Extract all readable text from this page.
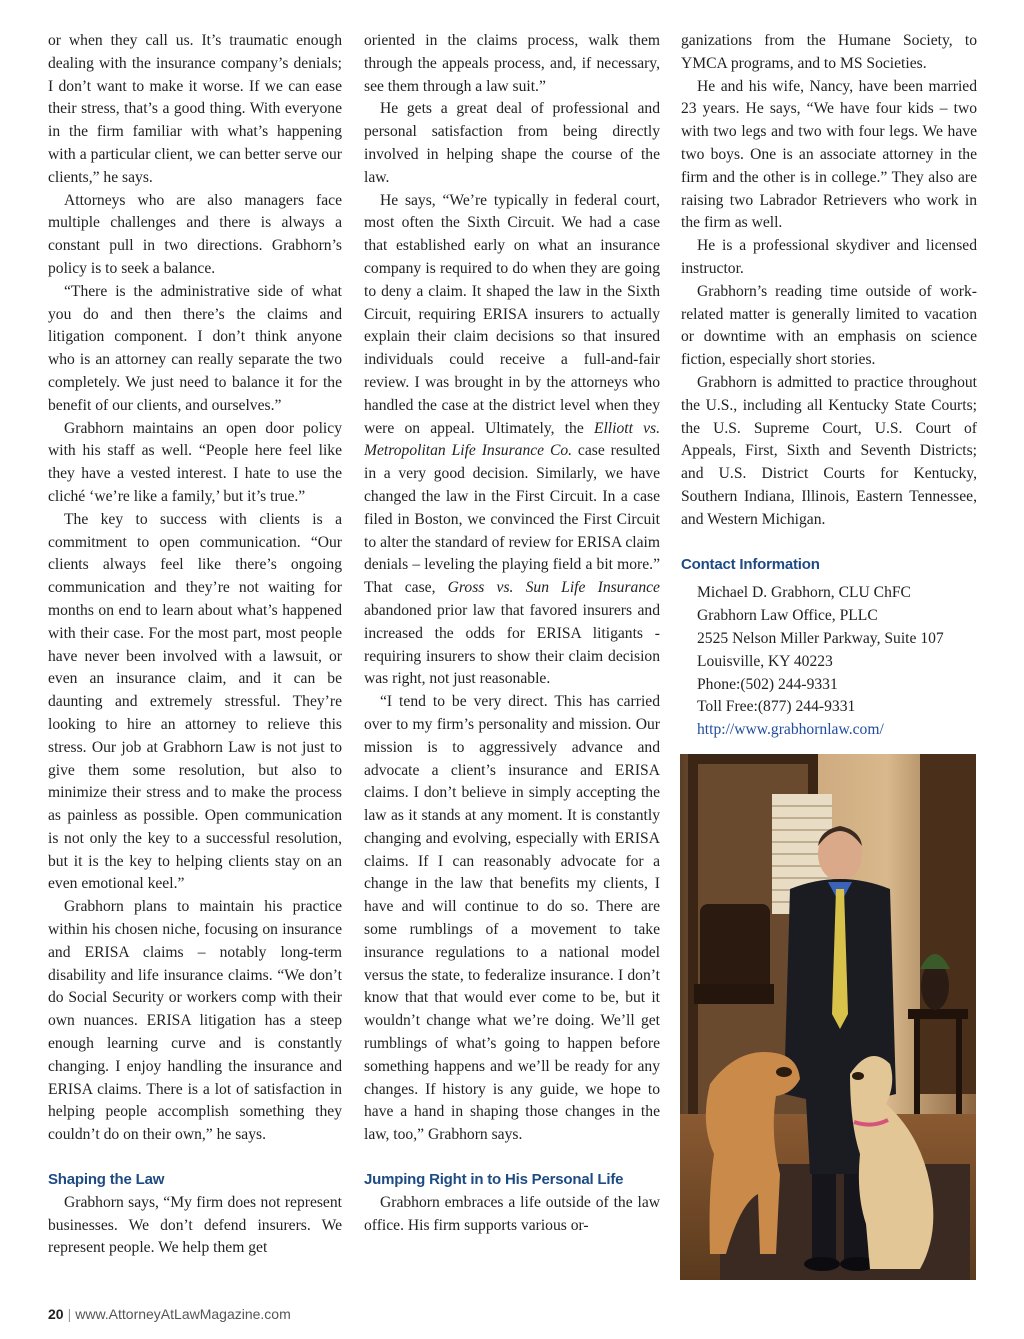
or when they call us. It’s traumatic enough dealing with the insurance company’s denials; I don’t want to make it worse. If we can ease their stress, that’s a good thing. With everyone in the firm familiar with what’s happening with a particular client, we can better serve our clients,” he says.

Attorneys who are also managers face multiple challenges and there is always a constant pull in two directions. Grabhorn’s policy is to seek a balance.

“There is the administrative side of what you do and then there’s the claims and litigation component. I don’t think anyone who is an attorney can really separate the two completely. We just need to balance it for the benefit of our clients, and ourselves.”

Grabhorn maintains an open door policy with his staff as well. “People here feel like they have a vested interest. I hate to use the cliché ‘we’re like a family,’ but it’s true.”

The key to success with clients is a commitment to open communication. “Our clients always feel like there’s ongoing communication and they’re not waiting for months on end to learn about what’s happened with their case. For the most part, most people have never been involved with a lawsuit, or even an insurance claim, and it can be daunting and extremely stressful. They’re looking to hire an attorney to relieve this stress. Our job at Grabhorn Law is not just to give them some resolution, but also to minimize their stress and to make the process as painless as possible. Open communication is not only the key to a successful resolution, but it is the key to helping clients stay on an even emotional keel.”

Grabhorn plans to maintain his practice within his chosen niche, focusing on insurance and ERISA claims – notably long-term disability and life insurance claims. “We don’t do Social Security or workers comp with their own nuances. ERISA litigation has a steep enough learning curve and is constantly changing. I enjoy handling the insurance and ERISA claims. There is a lot of satisfaction in helping people accomplish something they couldn’t do on their own,” he says.

Shaping the Law

Grabhorn says, “My firm does not represent businesses. We don’t defend insurers. We represent people. We help them get

oriented in the claims process, walk them through the appeals process, and, if necessary, see them through a law suit.”

He gets a great deal of professional and personal satisfaction from being directly involved in helping shape the course of the law.

He says, “We’re typically in federal court, most often the Sixth Circuit. We had a case that established early on what an insurance company is required to do when they are going to deny a claim. It shaped the law in the Sixth Circuit, requiring ERISA insurers to actually explain their claim decisions so that insured individuals could receive a full-and-fair review. I was brought in by the attorneys who handled the case at the district level when they were on appeal. Ultimately, the Elliott vs. Metropolitan Life Insurance Co. case resulted in a very good decision. Similarly, we have changed the law in the First Circuit. In a case filed in Boston, we convinced the First Circuit to alter the standard of review for ERISA claim denials – leveling the playing field a bit more.” That case, Gross vs. Sun Life Insurance abandoned prior law that favored insurers and increased the odds for ERISA litigants - requiring insurers to show their claim decision was right, not just reasonable.

“I tend to be very direct. This has carried over to my firm’s personality and mission. Our mission is to aggressively advance and advocate a client’s insurance and ERISA claims. I don’t believe in simply accepting the law as it stands at any moment. It is constantly changing and evolving, especially with ERISA claims. If I can reasonably advocate for a change in the law that benefits my clients, I have and will continue to do so. There are some rumblings of a movement to take insurance regulations to a national model versus the state, to federalize insurance. I don’t know that that would ever come to be, but it wouldn’t change what we’re doing. We’ll get rumblings of what’s going to happen before something happens and we’ll be ready for any changes. If history is any guide, we hope to have a hand in shaping those changes in the law, too,” Grabhorn says.

Jumping Right in to His Personal Life

Grabhorn embraces a life outside of the law office. His firm supports various or-

ganizations from the Humane Society, to YMCA programs, and to MS Societies.

He and his wife, Nancy, have been married 23 years. He says, “We have four kids – two with two legs and two with four legs. We have two boys. One is an associate attorney in the firm and the other is in college.” They also are raising two Labrador Retrievers who work in the firm as well.

He is a professional skydiver and licensed instructor.

Grabhorn’s reading time outside of work-related matter is generally limited to vacation or downtime with an emphasis on science fiction, especially short stories.

Grabhorn is admitted to practice throughout the U.S., including all Kentucky State Courts; the U.S. Supreme Court, U.S. Court of Appeals, First, Sixth and Seventh Districts; and U.S. District Courts for Kentucky, Southern Indiana, Illinois, Eastern Tennessee, and Western Michigan.

Contact Information
Michael D. Grabhorn, CLU ChFC
Grabhorn Law Office, PLLC
2525 Nelson Miller Parkway, Suite 107
Louisville, KY 40223
Phone:(502) 244-9331
Toll Free:(877) 244-9331
http://www.grabhornlaw.com/
20 | www.AttorneyAtLawMagazine.com
